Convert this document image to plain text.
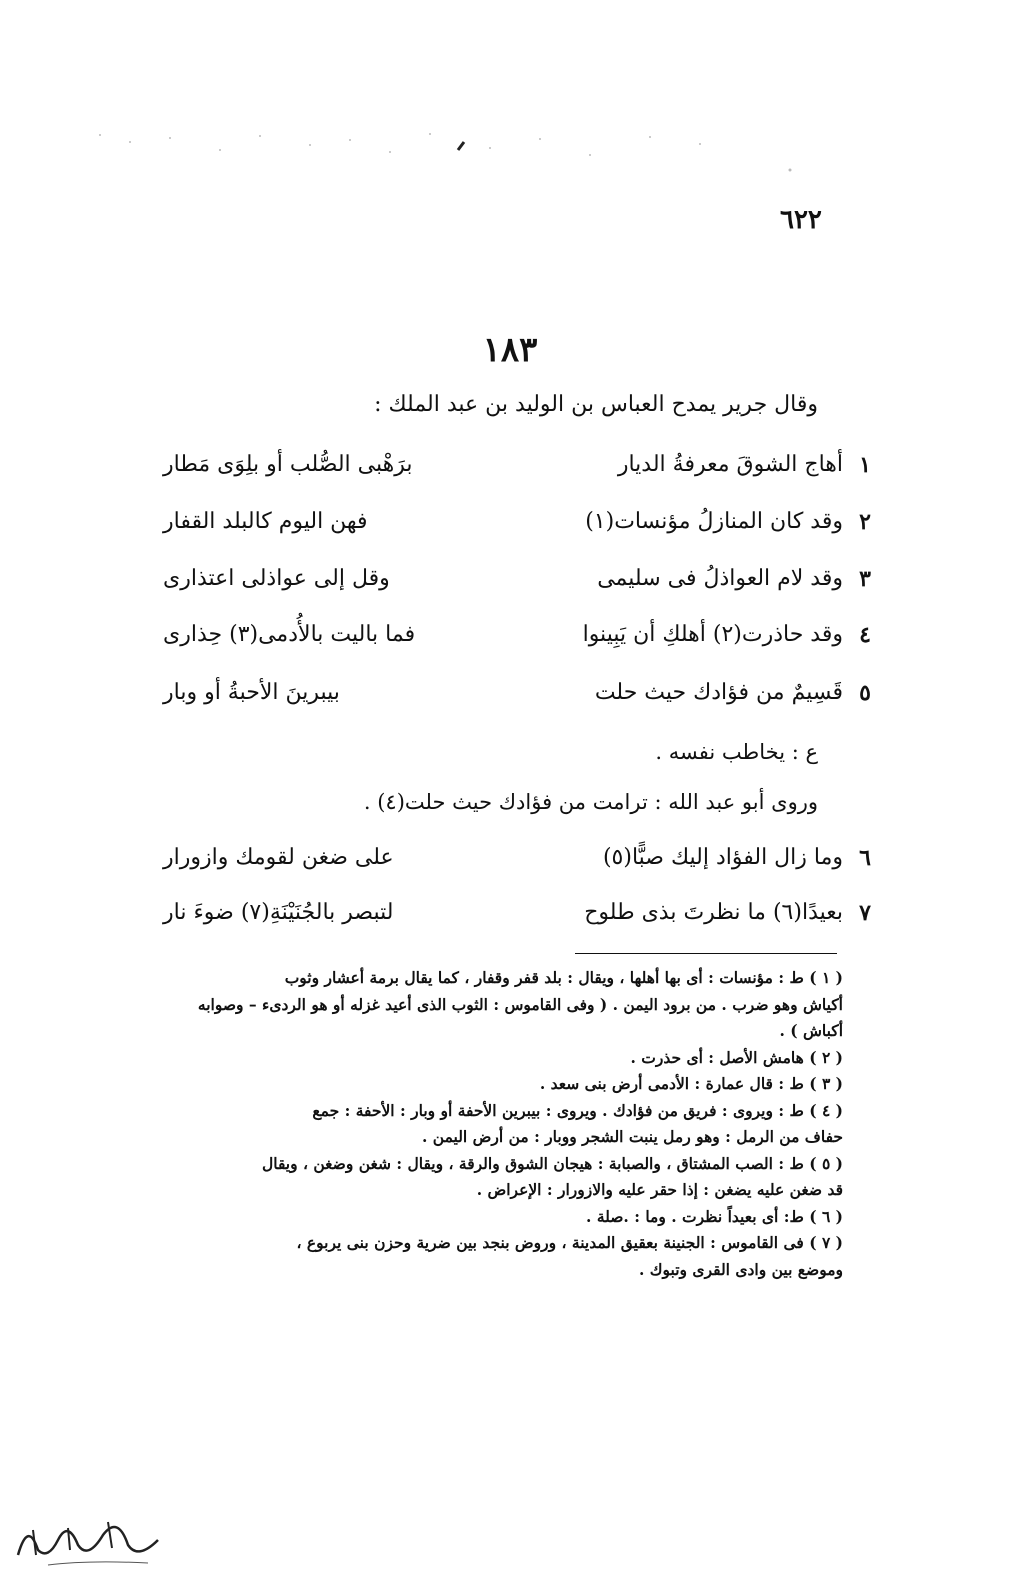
٦٢٢
١٨٣
وقال جرير يمدح العباس بن الوليد بن عبد الملك :
١
أهاج الشوقَ معرفةُ الديار
برَهْبى الصُّلب أو بلِوَى مَطار
٢
وقد كان المنازلُ مؤنسات(١)
فهن اليوم كالبلد القفار
٣
وقد لام العواذلُ فى سليمى
وقل إلى عواذلى اعتذارى
٤
وقد حاذرت(٢) أهلكِ أن يَبِينوا
فما باليت بالأُدمى(٣) حِذارى
٥
قَسِيمٌ من فؤادك حيث حلت
بيبرينَ الأحبةُ أو وبار
ع : يخاطب نفسه .
وروى أبو عبد الله : ترامت من فؤادك حيث حلت(٤) .
٦
وما زال الفؤاد إليك صبًّا(٥)
على ضغن لقومك وازورار
٧
بعيدًا(٦) ما نظرتَ بذى طلوح
لتبصر بالجُنَيْنَةِ(٧) ضوءَ نار

( ١ ) ط : مؤنسات : أى بها أهلها ، ويقال : بلد قفر وقفار ، كما يقال برمة أعشار وثوب

أكياش وهو ضرب . من برود اليمن . ( وفى القاموس : الثوب الذى أعيد غزله أو هو الردىء – وصوابه

أكباش ) .

( ٢ ) هامش الأصل : أى حذرت .

( ٣ ) ط : قال عمارة : الأدمى أرض بنى سعد .

( ٤ ) ط : ويروى : فريق من فؤادك . ويروى : بيبرين الأحفة أو وبار : الأحفة : جمع

حفاف من الرمل : وهو رمل ينبت الشجر ووبار : من أرض اليمن .

( ٥ ) ط : الصب المشتاق ، والصبابة : هيجان الشوق والرقة ، ويقال : شغن وضغن ، ويقال

قد ضغن عليه يضغن : إذا حقر عليه والازورار : الإعراض .

( ٦ ) ط: أى بعيداً نظرت . وما : .صلة .

( ٧ ) فى القاموس : الجنينة بعقيق المدينة ، وروض بنجد بين ضرية وحزن بنى يربوع ،

وموضع بين وادى القرى وتبوك .
